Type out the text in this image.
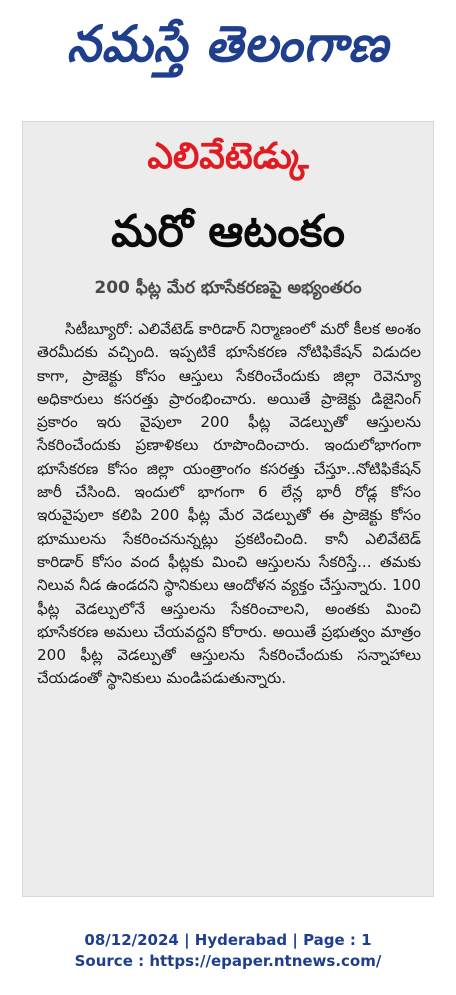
నమస్తే తెలంగాణ
ఎలివేటెడ్
మరో ఆటంకం
200 ఫీట్ల మేర భూసేకరణపై అభ్యంతరం

సిటీబ్యూరో: ఎలివేటెడ్ కారిడార్ నిర్మాణంలో మరో కీలక అంశం తెరమీదకు వచ్చింది. ఇప్పటికే భూసేకరణ నోటిఫికేషన్ విడుదల కాగా, ప్రాజెక్టు కోసం ఆస్తులు సేకరించేందుకు జిల్లా రెవెన్యూ అధికారులు కసరత్తు ప్రారంభించారు. అయితే ప్రాజెక్టు డిజైనింగ్ ప్రకారం ఇరు వైపులా 200 ఫీట్ల వెడల్పుతో ఆస్తులను సేకరించేందుకు ప్రణాళికలు రూపొందించారు. ఇందులోభాగంగా భూసేకరణ కోసం జిల్లా యంత్రాంగం కసరత్తు చేస్తూ..నోటిఫికేషన్ జారీ చేసింది. ఇందులో భాగంగా 6 లేన్ల భారీ రోడ్ల కోసం ఇరువైపులా కలిపి 200 ఫీట్ల మేర వెడల్పుతో ఈ ప్రాజెక్టు కోసం భూములను సేకరించనున్నట్లు ప్రకటించింది. కానీ ఎలివేటెడ్ కారిడార్ కోసం వంద ఫీట్లకు మించి ఆస్తులను సేకరిస్తే... తమకు నిలువ నీడ ఉండదని స్థానికులు ఆందోళన వ్యక్తం చేస్తున్నారు. 100 ఫీట్ల వెడల్పులోనే ఆస్తులను సేకరించాలని, అంతకు మించి భూసేకరణ అమలు చేయవద్దని కోరారు. అయితే ప్రభుత్వం మాత్రం 200 ఫీట్ల వెడల్పుతో ఆస్తులను సేకరించేందుకు సన్నాహాలు చేయడంతో స్థానికులు మండిపడుతున్నారు.

08/12/2024 | Hyderabad | Page : 1
Source : https://epaper.ntnews.com/
